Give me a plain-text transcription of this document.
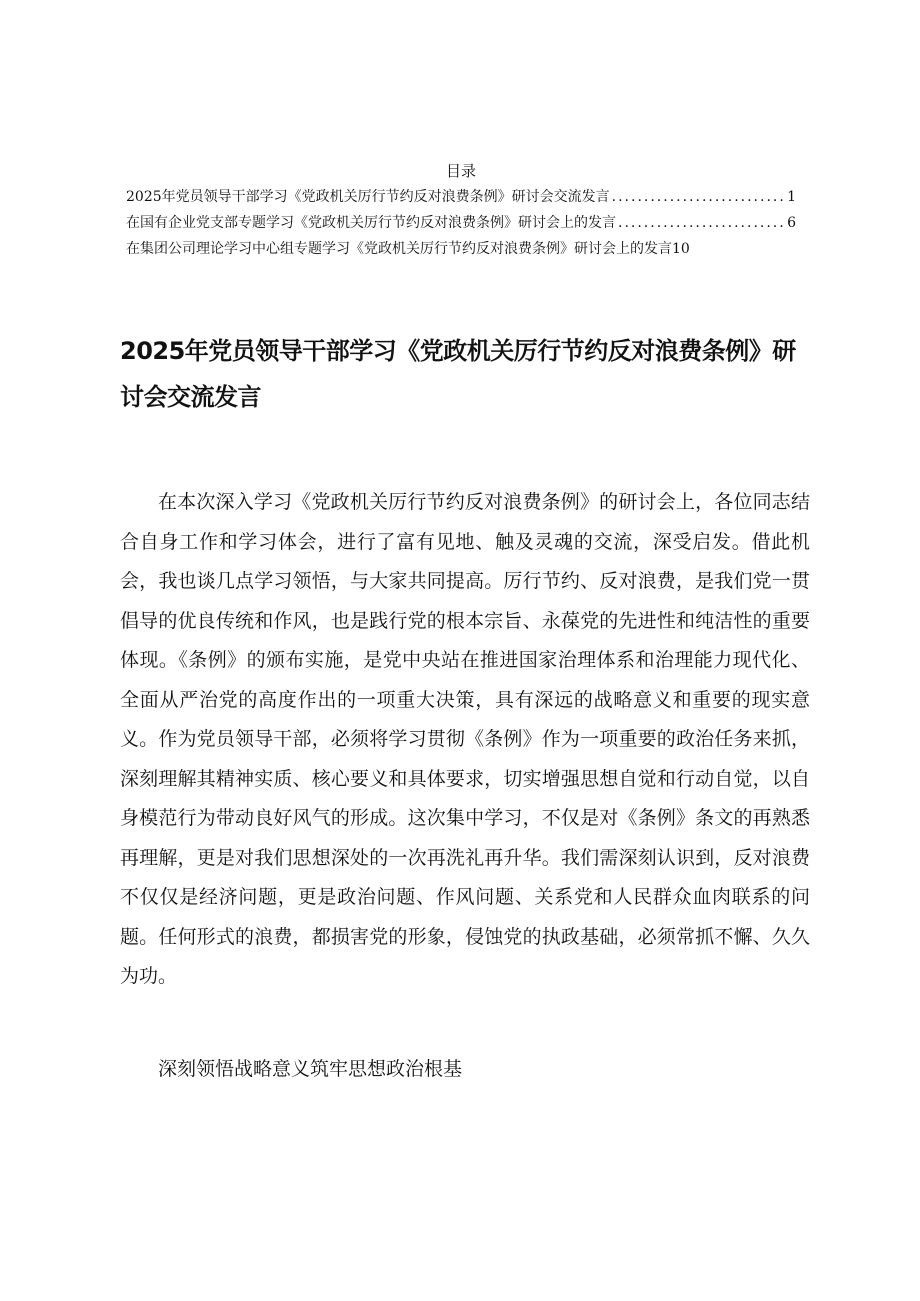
目录
2025年党员领导干部学习《党政机关厉行节约反对浪费条例》研讨会交流发言 .....	1
在国有企业党支部专题学习《党政机关厉行节约反对浪费条例》研讨会上的发言 .....	6
在集团公司理论学习中心组专题学习《党政机关厉行节约反对浪费条例》研讨会上的发言 10
2025年党员领导干部学习《党政机关厉行节约反对浪费条例》研讨会交流发言

在本次深入学习《党政机关厉行节约反对浪费条例》的研讨会上，各位同志结合自身工作和学习体会，进行了富有见地、触及灵魂的交流，深受启发。借此机会，我也谈几点学习领悟，与大家共同提高。厉行节约、反对浪费，是我们党一贯倡导的优良传统和作风，也是践行党的根本宗旨、永葆党的先进性和纯洁性的重要体现。《条例》的颁布实施，是党中央站在推进国家治理体系和治理能力现代化、全面从严治党的高度作出的一项重大决策，具有深远的战略意义和重要的现实意义。作为党员领导干部，必须将学习贯彻《条例》作为一项重要的政治任务来抓，深刻理解其精神实质、核心要义和具体要求，切实增强思想自觉和行动自觉，以自身模范行为带动良好风气的形成。这次集中学习，不仅是对《条例》条文的再熟悉再理解，更是对我们思想深处的一次再洗礼再升华。我们需深刻认识到，反对浪费不仅仅是经济问题，更是政治问题、作风问题、关系党和人民群众血肉联系的问题。任何形式的浪费，都损害党的形象，侵蚀党的执政基础，必须常抓不懈、久久为功。

深刻领悟战略意义筑牢思想政治根基
